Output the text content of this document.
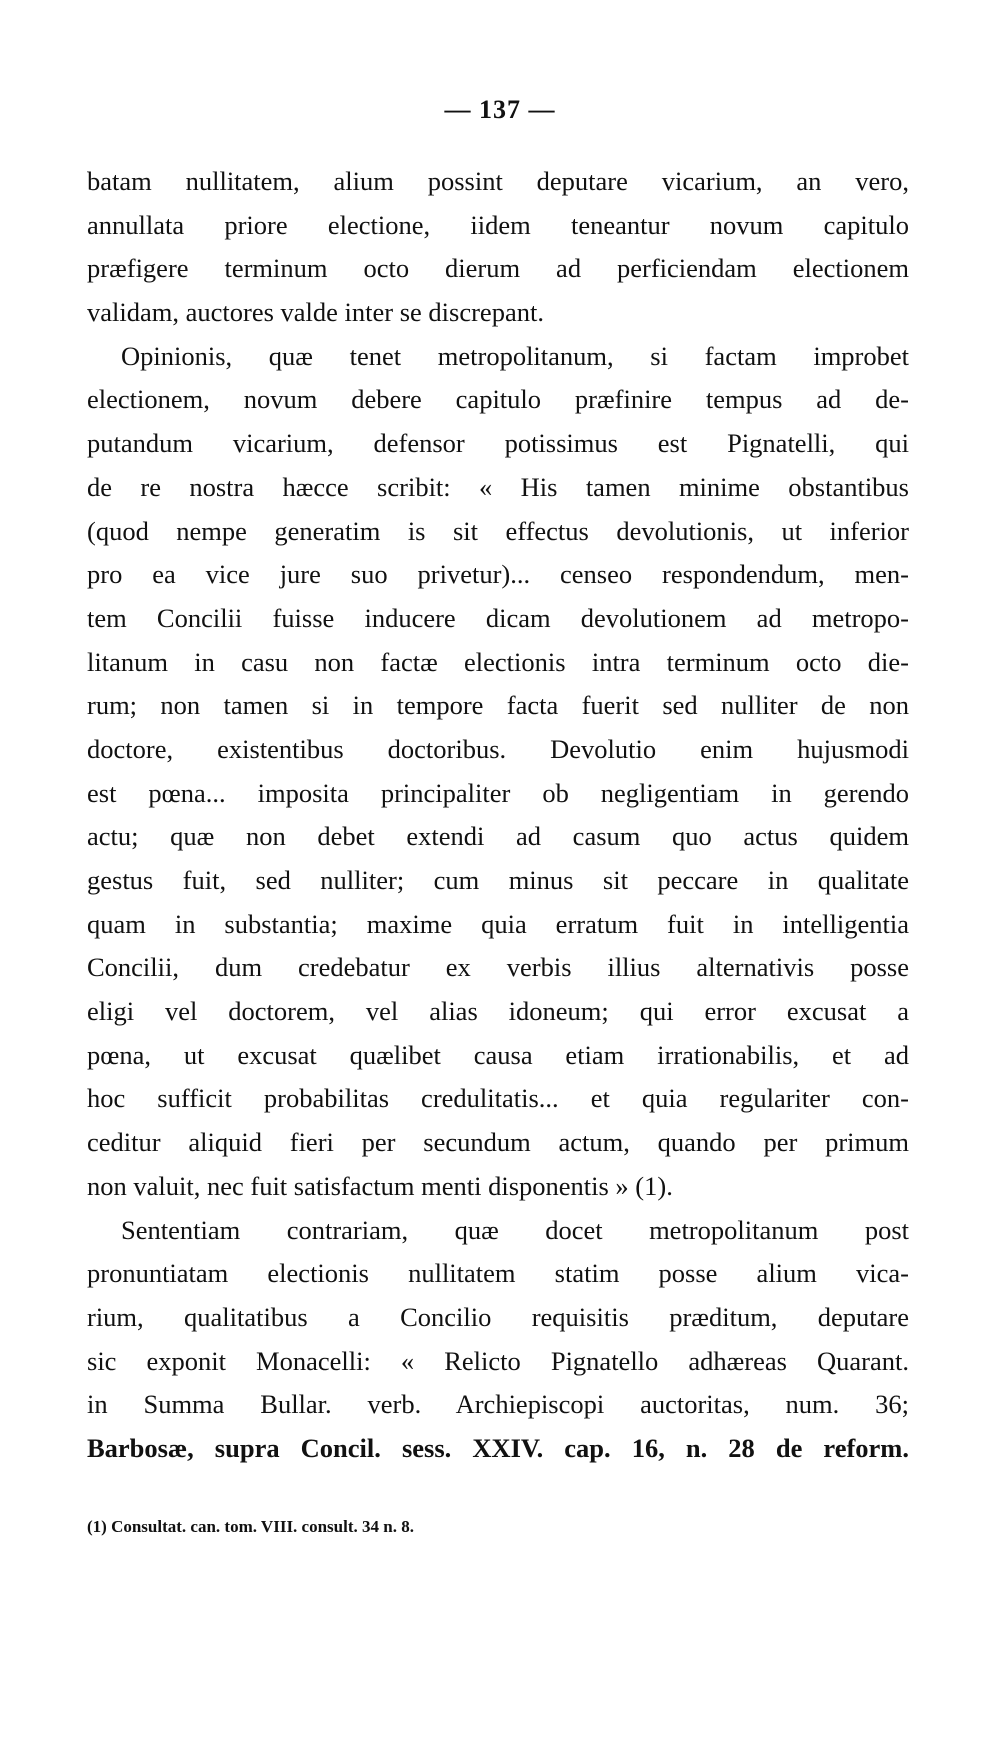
— 137 —
batam nullitatem, alium possint deputare vicarium, an vero,
annullata priore electione, iidem teneantur novum capitulo
præfigere terminum octo dierum ad perficiendam electionem
validam, auctores valde inter se discrepant.
Opinionis, quæ tenet metropolitanum, si factam improbet
electionem, novum debere capitulo præfinire tempus ad de-
putandum vicarium, defensor potissimus est Pignatelli, qui
de re nostra hæcce scribit: « His tamen minime obstantibus
(quod nempe generatim is sit effectus devolutionis, ut inferior
pro ea vice jure suo privetur)... censeo respondendum, men-
tem Concilii fuisse inducere dicam devolutionem ad metropo-
litanum in casu non factæ electionis intra terminum octo die-
rum; non tamen si in tempore facta fuerit sed nulliter de non
doctore, existentibus doctoribus. Devolutio enim hujusmodi
est pœna... imposita principaliter ob negligentiam in gerendo
actu; quæ non debet extendi ad casum quo actus quidem
gestus fuit, sed nulliter; cum minus sit peccare in qualitate
quam in substantia; maxime quia erratum fuit in intelligentia
Concilii, dum credebatur ex verbis illius alternativis posse
eligi vel doctorem, vel alias idoneum; qui error excusat a
pœna, ut excusat quælibet causa etiam irrationabilis, et ad
hoc sufficit probabilitas credulitatis... et quia regulariter con-
ceditur aliquid fieri per secundum actum, quando per primum
non valuit, nec fuit satisfactum menti disponentis » (1).
Sententiam contrariam, quæ docet metropolitanum post
pronuntiatam electionis nullitatem statim posse alium vica-
rium, qualitatibus a Concilio requisitis præditum, deputare
sic exponit Monacelli: « Relicto Pignatello adhæreas Quarant.
in Summa Bullar. verb. Archiepiscopi auctoritas, num. 36;
Barbosæ, supra Concil. sess. XXIV. cap. 16, n. 28 de reform.
(1) Consultat. can. tom. VIII. consult. 34 n. 8.
